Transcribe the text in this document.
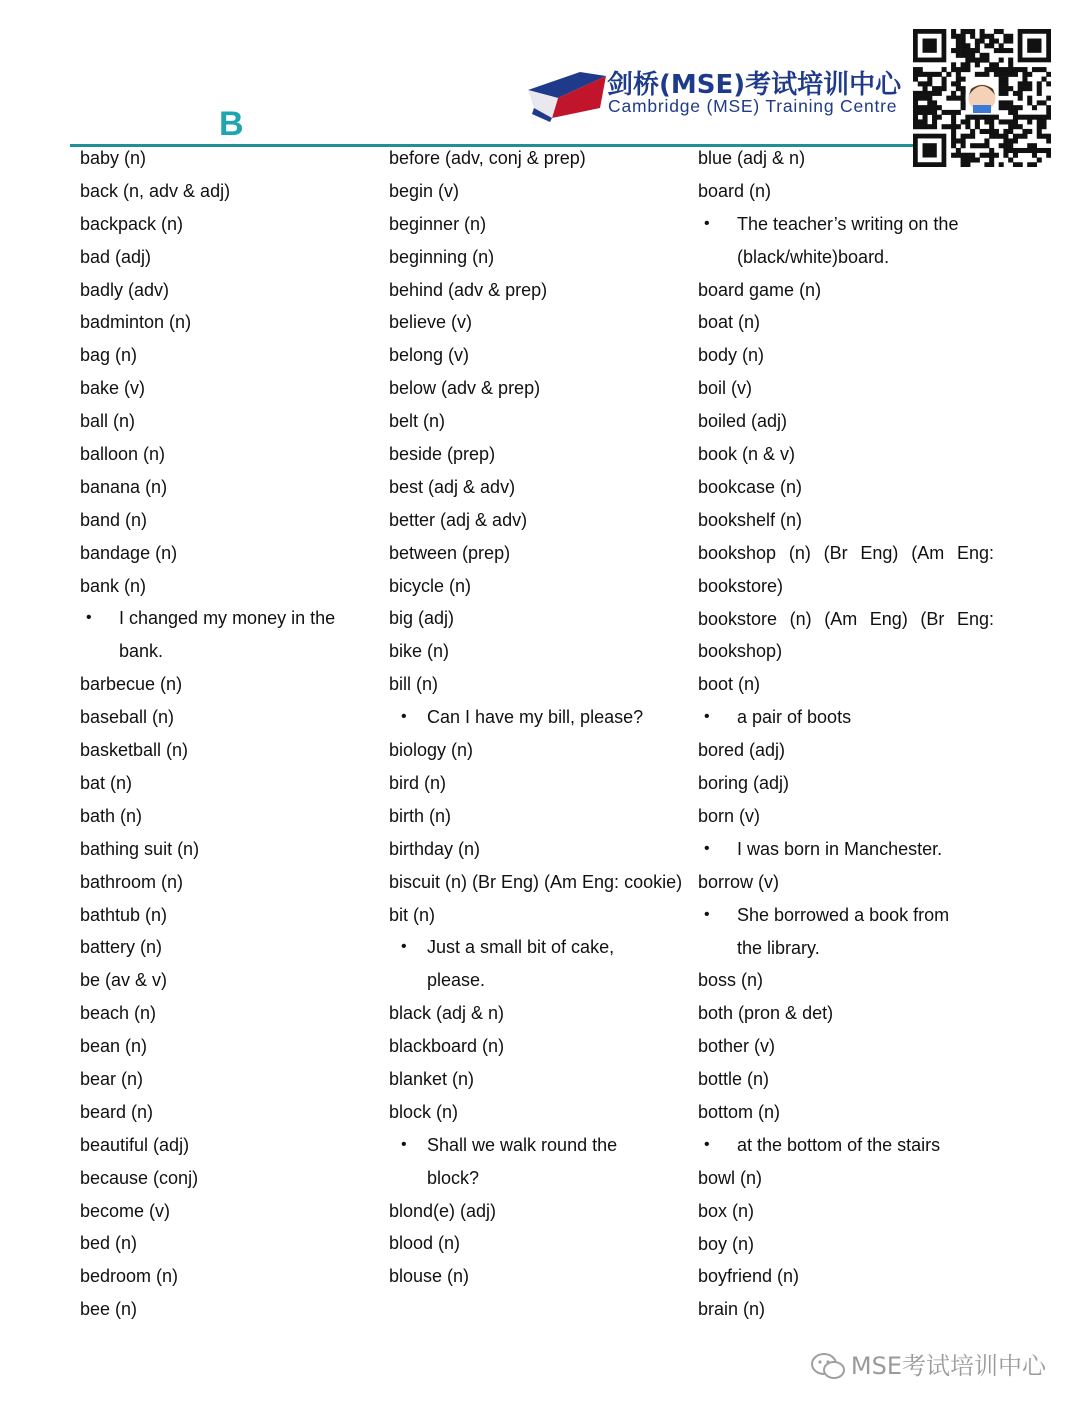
B
剑桥(MSE)考试培训中心
Cambridge (MSE) Training Centre
baby (n)
back (n, adv & adj)
backpack (n)
bad (adj)
badly (adv)
badminton (n)
bag (n)
bake (v)
ball (n)
balloon (n)
banana (n)
band (n)
bandage (n)
bank (n)
•	I changed my money in the bank.
barbecue (n)
baseball (n)
basketball (n)
bat (n)
bath (n)
bathing suit (n)
bathroom (n)
bathtub (n)
battery (n)
be (av & v)
beach (n)
bean (n)
bear (n)
beard (n)
beautiful (adj)
because (conj)
become (v)
bed (n)
bedroom (n)
bee (n)
before (adv, conj & prep)
begin (v)
beginner (n)
beginning (n)
behind (adv & prep)
believe (v)
belong (v)
below (adv & prep)
belt (n)
beside (prep)
best (adj & adv)
better (adj & adv)
between (prep)
bicycle (n)
big (adj)
bike (n)
bill (n)
•	Can I have my bill, please?
biology (n)
bird (n)
birth (n)
birthday (n)
biscuit (n) (Br Eng) (Am Eng: cookie)
bit (n)
•	Just a small bit of cake, please.
black (adj & n)
blackboard (n)
blanket (n)
block (n)
•	Shall we walk round the block?
blond(e) (adj)
blood (n)
blouse (n)
blue (adj & n)
board (n)
•	The teacher’s writing on the (black/white)board.
board game (n)
boat (n)
body (n)
boil (v)
boiled (adj)
book (n & v)
bookcase (n)
bookshelf (n)
bookshop (n) (Br Eng) (Am Eng: bookstore)
bookstore (n) (Am Eng) (Br Eng: bookshop)
boot (n)
•	a pair of boots
bored (adj)
boring (adj)
born (v)
•	I was born in Manchester.
borrow (v)
•	She borrowed a book from the library.
boss (n)
both (pron & det)
bother (v)
bottle (n)
bottom (n)
•	at the bottom of the stairs
bowl (n)
box (n)
boy (n)
boyfriend (n)
brain (n)
MSE考试培训中心
